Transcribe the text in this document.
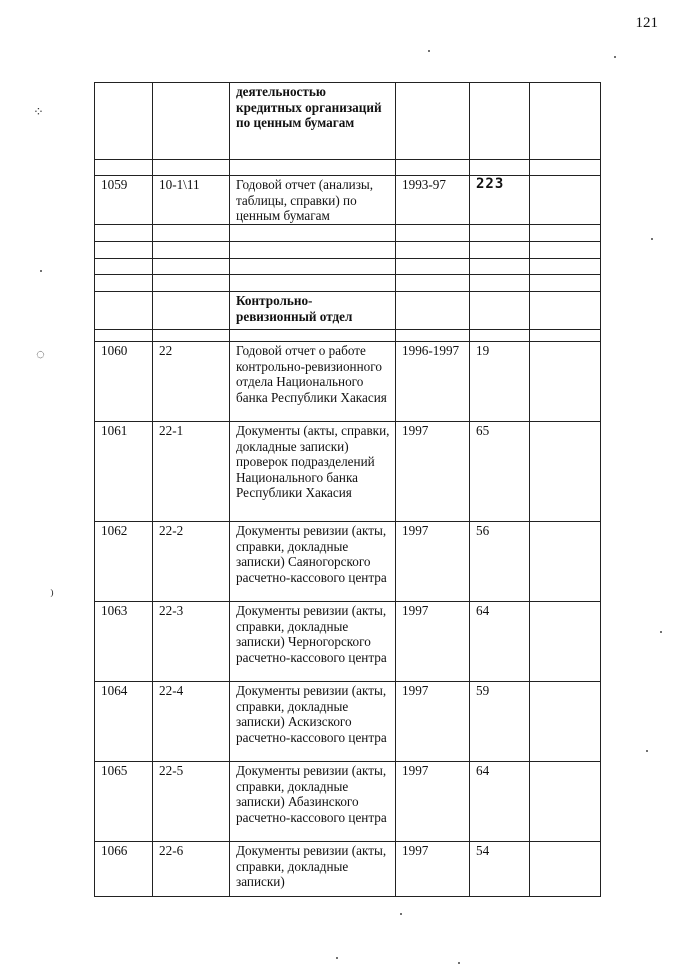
121
⁘
◌
⁾
		деятельностью кредитных организаций по ценным бумагам			

1059	10-1\11	Годовой отчет (анализы, таблицы, справки) по ценным бумагам	1993-97	223	

		Контрольно-ревизионный отдел			

1060	22	Годовой отчет о работе контрольно-ревизионного отдела Национального банка Республики Хакасия	1996-1997	19	
1061	22-1	Документы (акты, справки, докладные записки) проверок подразделений Национального банка Республики Хакасия	1997	65	
1062	22-2	Документы ревизии (акты, справки, докладные записки) Саяногорского расчетно-кассового центра	1997	56	
1063	22-3	Документы ревизии (акты, справки, докладные записки) Черногорского расчетно-кассового центра	1997	64	
1064	22-4	Документы ревизии (акты, справки, докладные записки) Аскизского расчетно-кассового центра	1997	59	
1065	22-5	Документы ревизии (акты, справки, докладные записки) Абазинского расчетно-кассового центра	1997	64	
1066	22-6	Документы ревизии (акты, справки, докладные записки)	1997	54	
